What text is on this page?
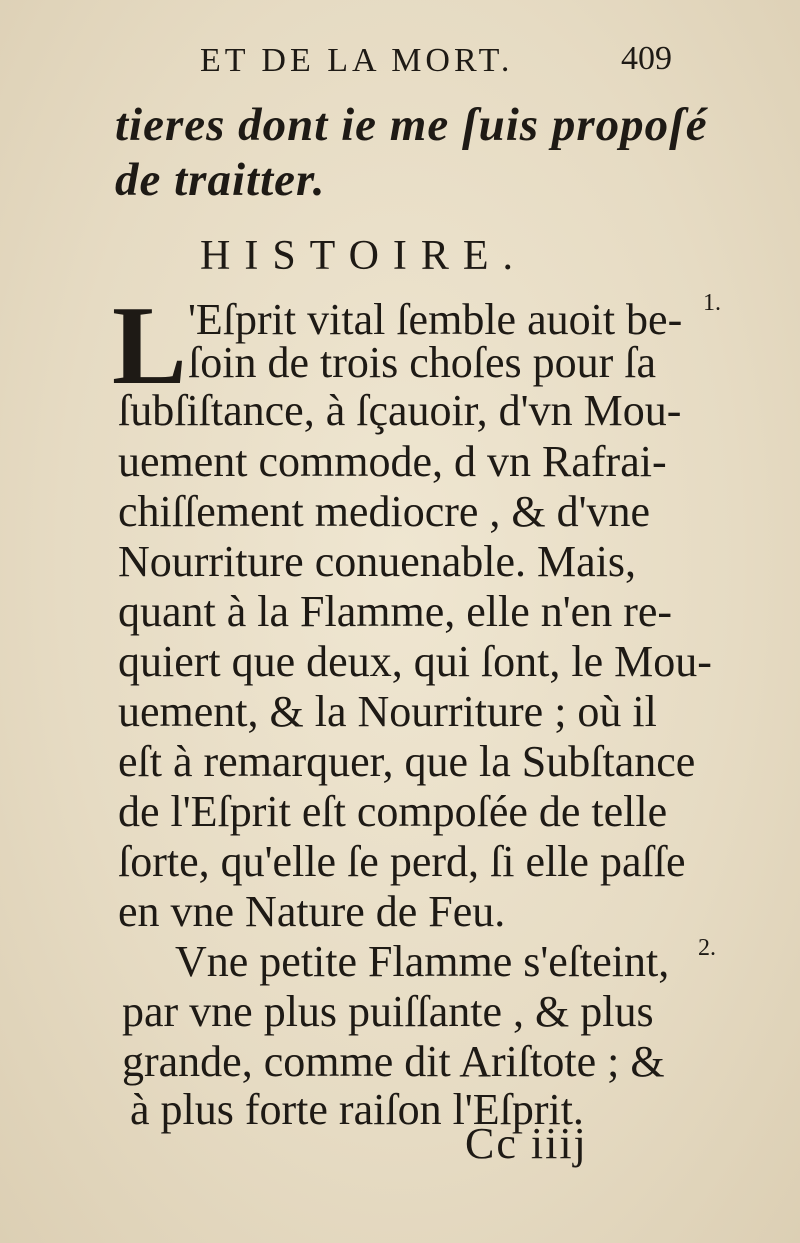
ET DE LA MORT.	409
tieres dont ie me ſuis propoſé
de traitter.
HISTOIRE.
L 'Eſprit vital ſemble auoit be-
ſoin de trois choſes pour ſa
ſubſiſtance, à ſçauoir, d'vn Mou-
uement commode, d vn Rafrai-
chiſſement mediocre , & d'vne
Nourriture conuenable. Mais,
quant à la Flamme, elle n'en re-
quiert que deux, qui ſont, le Mou-
uement, & la Nourriture ; où il
eſt à remarquer, que la Subſtance
de l'Eſprit eſt compoſée de telle
ſorte, qu'elle ſe perd, ſi elle paſſe
en vne Nature de Feu.
Vne petite Flamme s'eſteint,
par vne plus puiſſante , & plus
grande, comme dit Ariſtote ; &
à plus forte raiſon l'Eſprit.
1.
2.
Cc iiij
